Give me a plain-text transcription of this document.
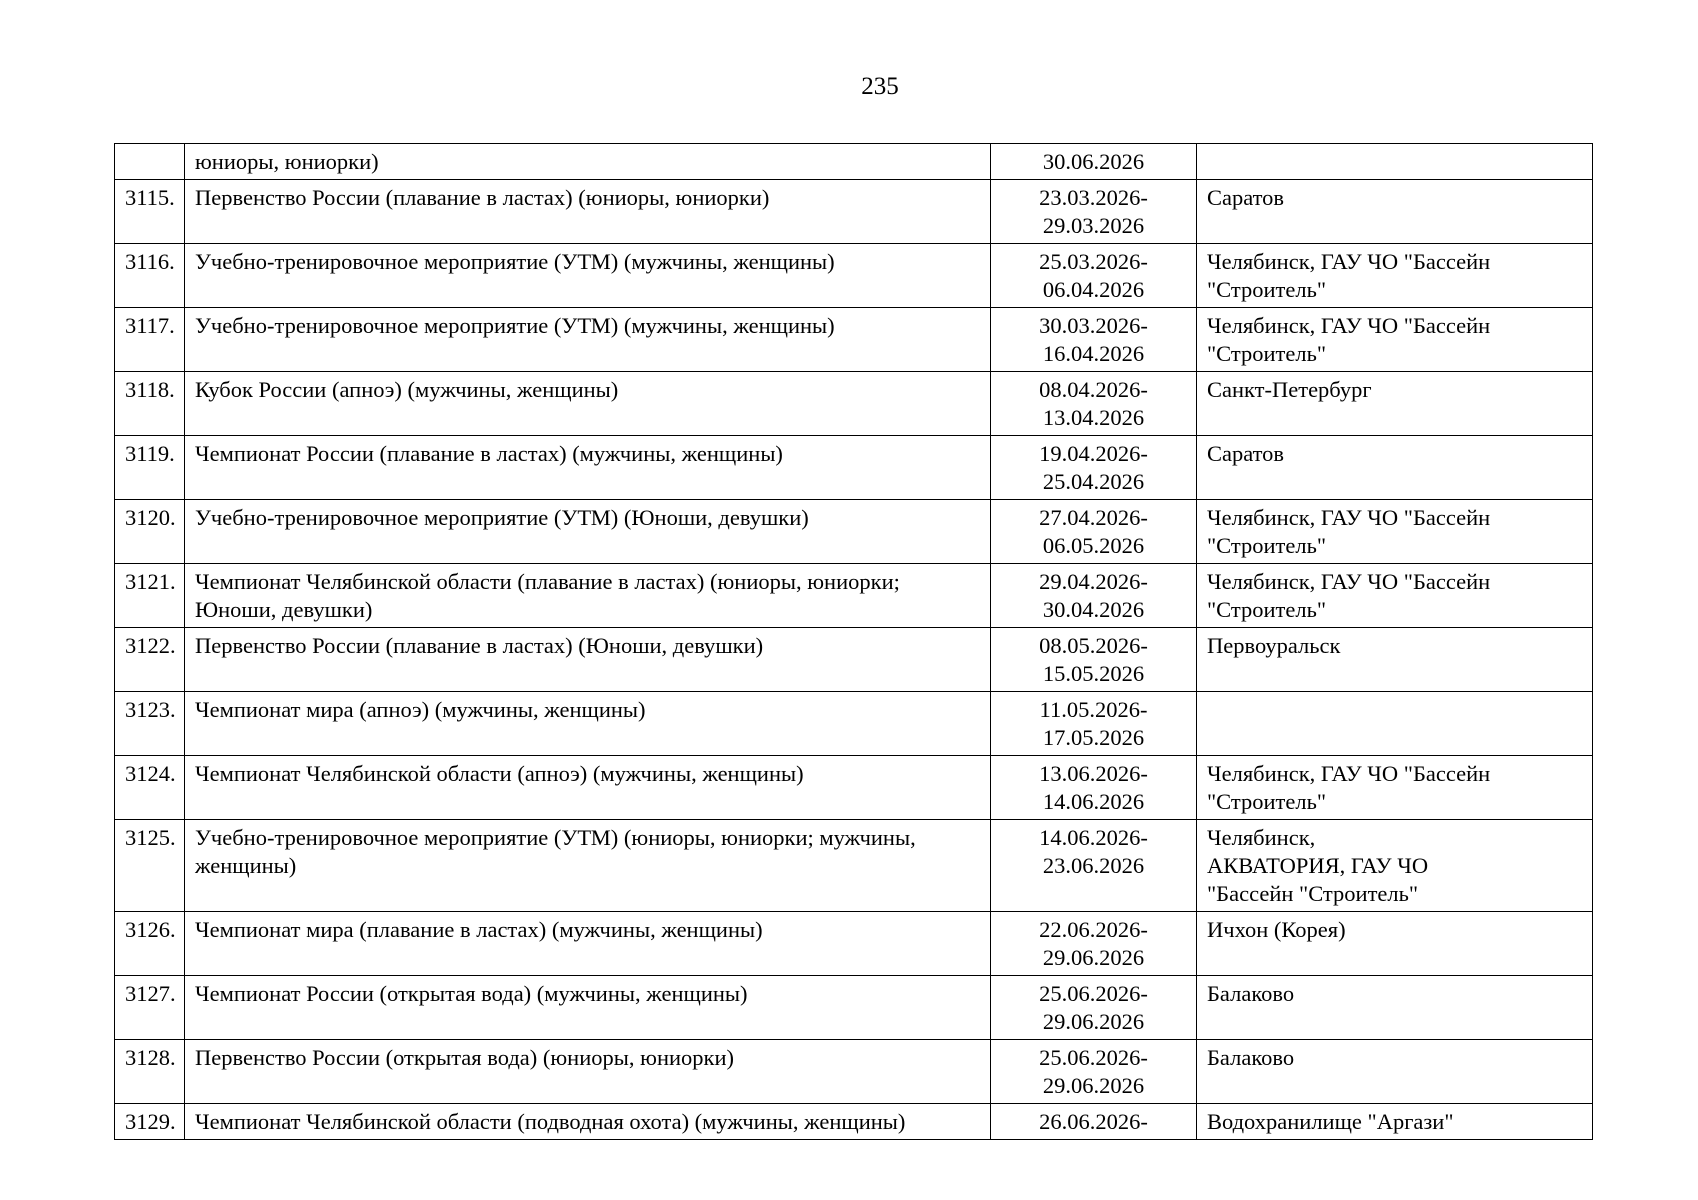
235
	юниоры, юниорки)	30.06.2026	

3115.	Первенство России (плавание в ластах) (юниоры, юниорки)	23.03.2026-
29.03.2026	Саратов

3116.	Учебно-тренировочное мероприятие (УТМ) (мужчины, женщины)	25.03.2026-
06.04.2026	Челябинск, ГАУ ЧО "Бассейн
"Строитель"

3117.	Учебно-тренировочное мероприятие (УТМ) (мужчины, женщины)	30.03.2026-
16.04.2026	Челябинск, ГАУ ЧО "Бассейн
"Строитель"

3118.	Кубок России (апноэ) (мужчины, женщины)	08.04.2026-
13.04.2026	Санкт-Петербург

3119.	Чемпионат России (плавание в ластах) (мужчины, женщины)	19.04.2026-
25.04.2026	Саратов

3120.	Учебно-тренировочное мероприятие (УТМ) (Юноши, девушки)	27.04.2026-
06.05.2026	Челябинск, ГАУ ЧО "Бассейн
"Строитель"

3121.	Чемпионат Челябинской области (плавание в ластах) (юниоры, юниорки; Юноши, девушки)	29.04.2026-
30.04.2026	Челябинск, ГАУ ЧО "Бассейн
"Строитель"

3122.	Первенство России (плавание в ластах) (Юноши, девушки)	08.05.2026-
15.05.2026	Первоуральск

3123.	Чемпионат мира (апноэ) (мужчины, женщины)	11.05.2026-
17.05.2026	

3124.	Чемпионат Челябинской области (апноэ) (мужчины, женщины)	13.06.2026-
14.06.2026	Челябинск, ГАУ ЧО "Бассейн
"Строитель"

3125.	Учебно-тренировочное мероприятие (УТМ) (юниоры, юниорки; мужчины, женщины)	14.06.2026-
23.06.2026	Челябинск,
АКВАТОРИЯ, ГАУ ЧО
"Бассейн "Строитель"

3126.	Чемпионат мира (плавание в ластах) (мужчины, женщины)	22.06.2026-
29.06.2026	Ичхон (Корея)

3127.	Чемпионат России (открытая вода) (мужчины, женщины)	25.06.2026-
29.06.2026	Балаково

3128.	Первенство России (открытая вода) (юниоры, юниорки)	25.06.2026-
29.06.2026	Балаково

3129.	Чемпионат Челябинской области (подводная охота) (мужчины, женщины)	26.06.2026-	Водохранилище "Аргази"
